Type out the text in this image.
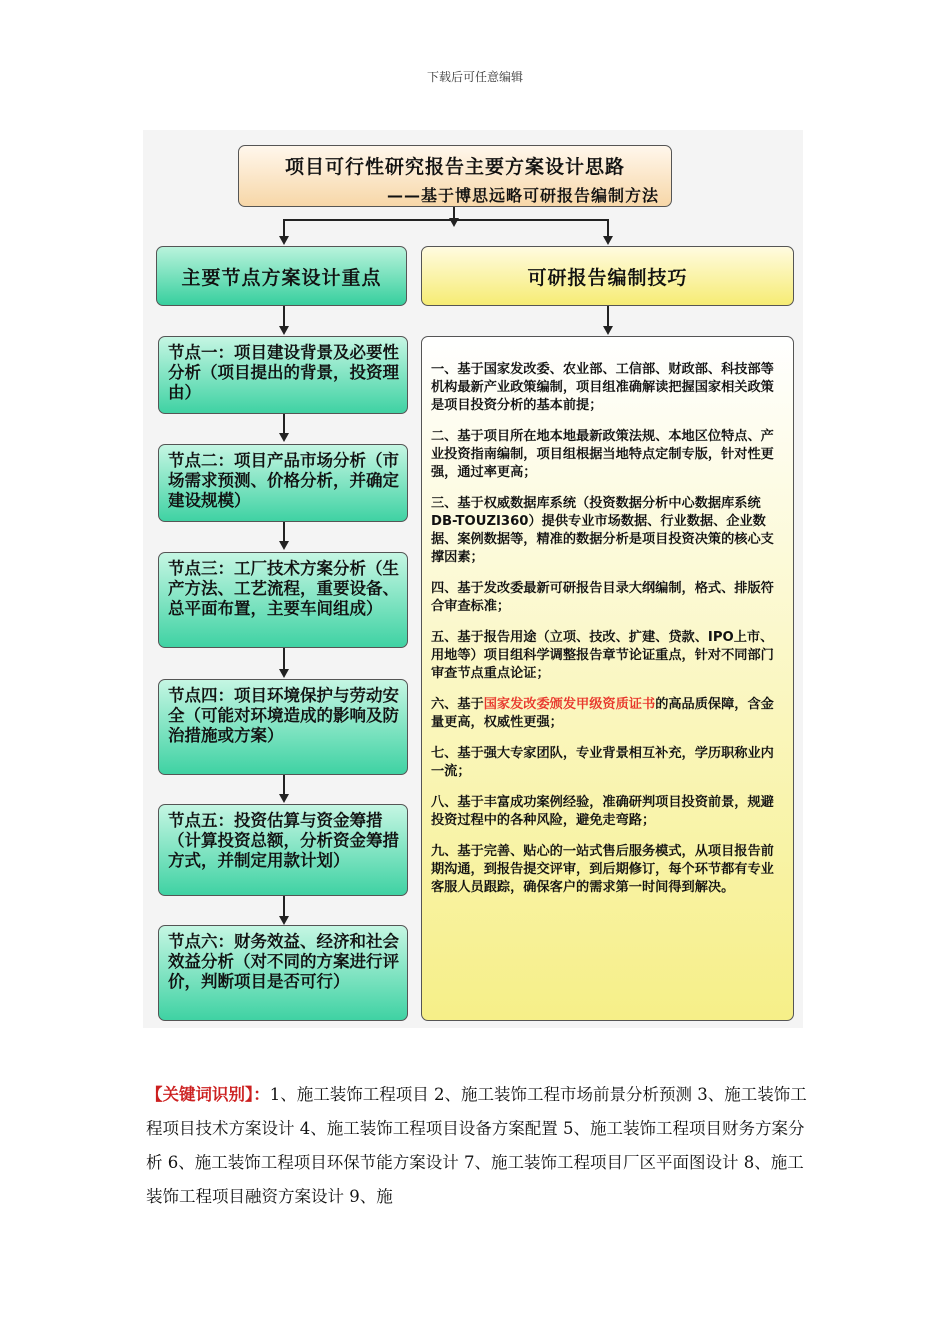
下载后可任意编辑
项目可行性研究报告主要方案设计思路
——基于博思远略可研报告编制方法
主要节点方案设计重点	可研报告编制技巧
节点一：项目建设背景及必要性分析（项目提出的背景，投资理由）
节点二：项目产品市场分析（市场需求预测、价格分析，并确定建设规模）
节点三：工厂技术方案分析（生产方法、工艺流程，重要设备、总平面布置，主要车间组成）
节点四：项目环境保护与劳动安全（可能对环境造成的影响及防治措施或方案）
节点五：投资估算与资金筹措（计算投资总额，分析资金筹措方式，并制定用款计划）
节点六：财务效益、经济和社会效益分析（对不同的方案进行评价，判断项目是否可行）
一、基于国家发改委、农业部、工信部、财政部、科技部等机构最新产业政策编制，项目组准确解读把握国家相关政策是项目投资分析的基本前提；
二、基于项目所在地本地最新政策法规、本地区位特点、产业投资指南编制，项目组根据当地特点定制专版，针对性更强，通过率更高；
三、基于权威数据库系统（投资数据分析中心数据库系统DB-TOUZI360）提供专业市场数据、行业数据、企业数据、案例数据等，精准的数据分析是项目投资决策的核心支撑因素；
四、基于发改委最新可研报告目录大纲编制，格式、排版符合审查标准；
五、基于报告用途（立项、技改、扩建、贷款、IPO上市、用地等）项目组科学调整报告章节论证重点，针对不同部门审查节点重点论证；
六、基于国家发改委颁发甲级资质证书的高品质保障，含金量更高，权威性更强；
七、基于强大专家团队，专业背景相互补充，学历职称业内一流；
八、基于丰富成功案例经验，准确研判项目投资前景，规避投资过程中的各种风险，避免走弯路；
九、基于完善、贴心的一站式售后服务模式，从项目报告前期沟通，到报告提交评审，到后期修订，每个环节都有专业客服人员跟踪，确保客户的需求第一时间得到解决。
【关键词识别】：1、施工装饰工程项目 2、施工装饰工程市场前景分析预测 3、施工装饰工程项目技术方案设计 4、施工装饰工程项目设备方案配置 5、施工装饰工程项目财务方案分析 6、施工装饰工程项目环保节能方案设计 7、施工装饰工程项目厂区平面图设计 8、施工装饰工程项目融资方案设计 9、施
